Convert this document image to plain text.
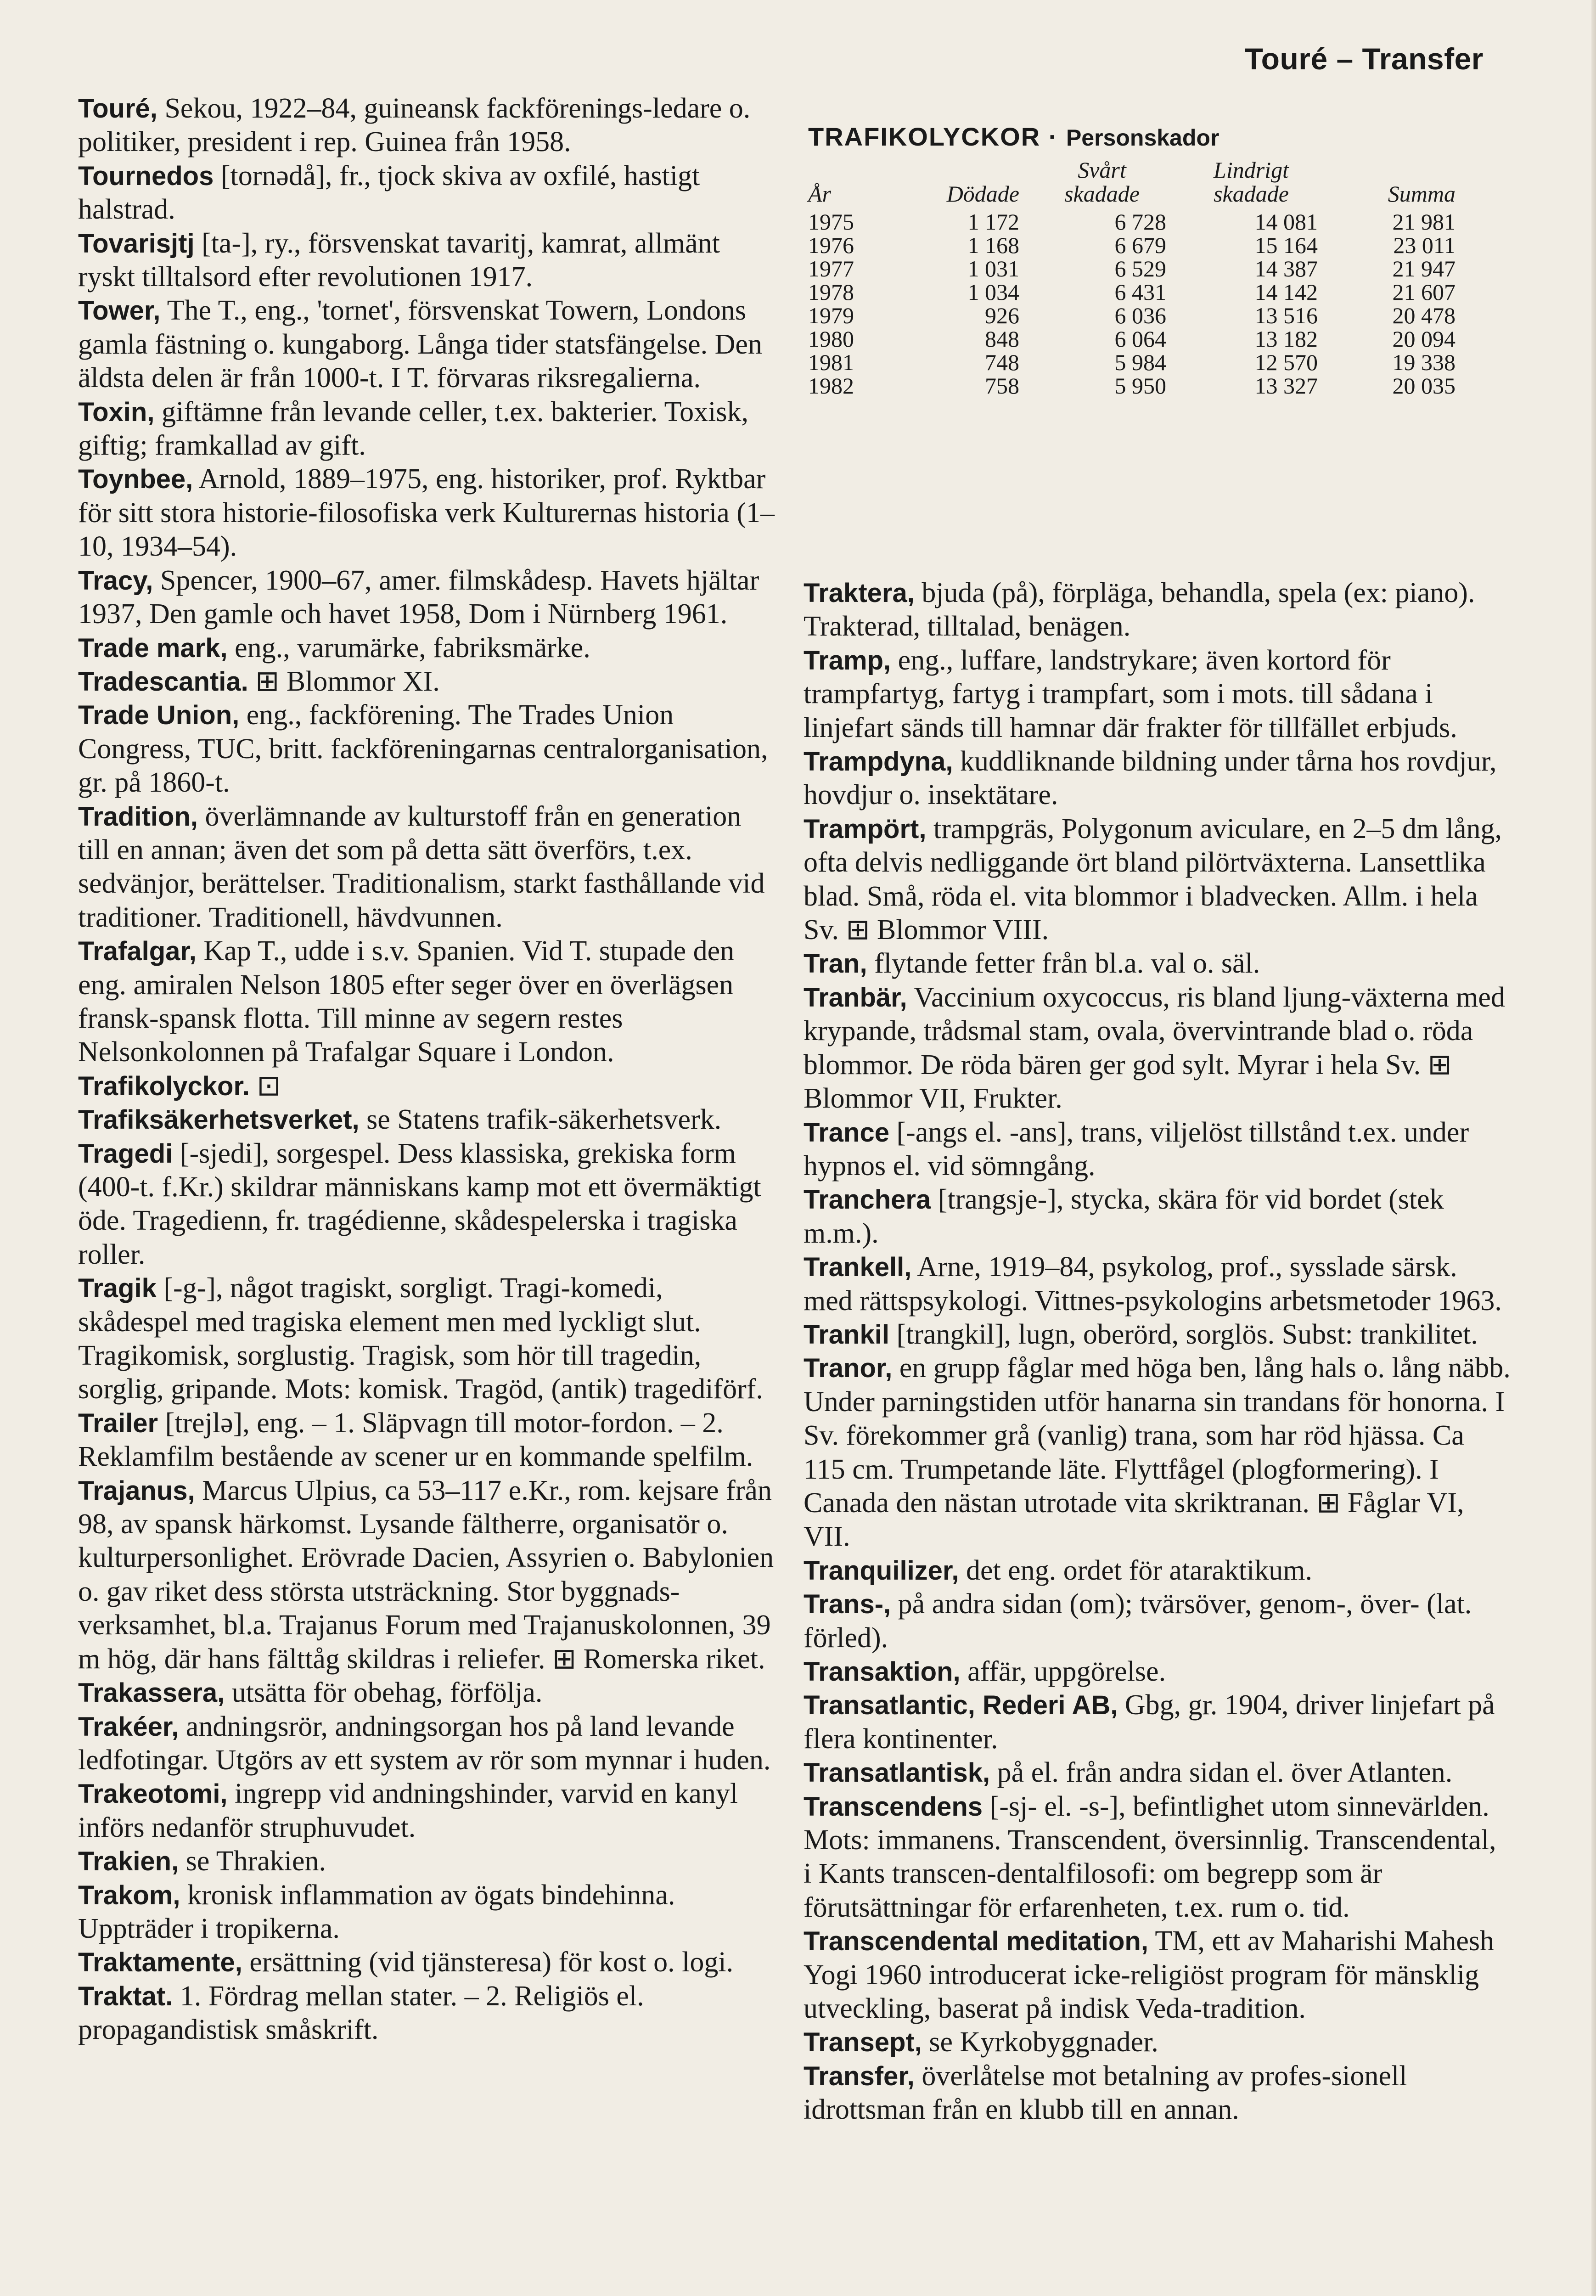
Touré – Transfer

Touré, Sekou, 1922–84, guineansk fackförenings-ledare o. politiker, president i rep. Guinea från 1958.

Tournedos [tornədå], fr., tjock skiva av oxfilé, hastigt halstrad.

Tovarisjtj [ta-], ry., försvenskat tavaritj, kamrat, allmänt ryskt tilltalsord efter revolutionen 1917.

Tower, The T., eng., 'tornet', försvenskat Towern, Londons gamla fästning o. kungaborg. Långa tider statsfängelse. Den äldsta delen är från 1000-t. I T. förvaras riksregalierna.

Toxin, giftämne från levande celler, t.ex. bakterier. Toxisk, giftig; framkallad av gift.

Toynbee, Arnold, 1889–1975, eng. historiker, prof. Ryktbar för sitt stora historie-filosofiska verk Kulturernas historia (1–10, 1934–54).

Tracy, Spencer, 1900–67, amer. filmskådesp. Havets hjältar 1937, Den gamle och havet 1958, Dom i Nürnberg 1961.

Trade mark, eng., varumärke, fabriksmärke.

Tradescantia. ⊞ Blommor XI.

Trade Union, eng., fackförening. The Trades Union Congress, TUC, britt. fackföreningarnas centralorganisation, gr. på 1860-t.

Tradition, överlämnande av kulturstoff från en generation till en annan; även det som på detta sätt överförs, t.ex. sedvänjor, berättelser. Traditionalism, starkt fasthållande vid traditioner. Traditionell, hävdvunnen.

Trafalgar, Kap T., udde i s.v. Spanien. Vid T. stupade den eng. amiralen Nelson 1805 efter seger över en överlägsen fransk-spansk flotta. Till minne av segern restes Nelsonkolonnen på Trafalgar Square i London.

Trafikolyckor. ⊡

Trafiksäkerhetsverket, se Statens trafik-säkerhetsverk.

Tragedi [-sjedi], sorgespel. Dess klassiska, grekiska form (400-t. f.Kr.) skildrar människans kamp mot ett övermäktigt öde. Tragedienn, fr. tragédienne, skådespelerska i tragiska roller.

Tragik [-g-], något tragiskt, sorgligt. Tragi-komedi, skådespel med tragiska element men med lyckligt slut. Tragikomisk, sorglustig. Tragisk, som hör till tragedin, sorglig, gripande. Mots: komisk. Tragöd, (antik) tragediförf.

Trailer [trejlə], eng. – 1. Släpvagn till motor-fordon. – 2. Reklamfilm bestående av scener ur en kommande spelfilm.

Trajanus, Marcus Ulpius, ca 53–117 e.Kr., rom. kejsare från 98, av spansk härkomst. Lysande fältherre, organisatör o. kulturpersonlighet. Erövrade Dacien, Assyrien o. Babylonien o. gav riket dess största utsträckning. Stor byggnads-verksamhet, bl.a. Trajanus Forum med Trajanuskolonnen, 39 m hög, där hans fälttåg skildras i reliefer. ⊞ Romerska riket.

Trakassera, utsätta för obehag, förfölja.

Trakéer, andningsrör, andningsorgan hos på land levande ledfotingar. Utgörs av ett system av rör som mynnar i huden.

Trakeotomi, ingrepp vid andningshinder, varvid en kanyl införs nedanför struphuvudet.

Trakien, se Thrakien.

Trakom, kronisk inflammation av ögats bindehinna. Uppträder i tropikerna.

Traktamente, ersättning (vid tjänsteresa) för kost o. logi.

Traktat. 1. Fördrag mellan stater. – 2. Religiös el. propagandistisk småskrift.

TRAFIKOLYCKOR · Personskador
		Svårt	Lindrigt	
År	Dödade	skadade	skadade	Summa

1975	1 172	6 728	14 081	21 981
1976	1 168	6 679	15 164	23 011
1977	1 031	6 529	14 387	21 947
1978	1 034	6 431	14 142	21 607
1979	926	6 036	13 516	20 478
1980	848	6 064	13 182	20 094
1981	748	5 984	12 570	19 338
1982	758	5 950	13 327	20 035

Traktera, bjuda (på), förpläga, behandla, spela (ex: piano). Trakterad, tilltalad, benägen.

Tramp, eng., luffare, landstrykare; även kortord för trampfartyg, fartyg i trampfart, som i mots. till sådana i linjefart sänds till hamnar där frakter för tillfället erbjuds.

Trampdyna, kuddliknande bildning under tårna hos rovdjur, hovdjur o. insektätare.

Trampört, trampgräs, Polygonum aviculare, en 2–5 dm lång, ofta delvis nedliggande ört bland pilörtväxterna. Lansettlika blad. Små, röda el. vita blommor i bladvecken. Allm. i hela Sv. ⊞ Blommor VIII.

Tran, flytande fetter från bl.a. val o. säl.

Tranbär, Vaccinium oxycoccus, ris bland ljung-växterna med krypande, trådsmal stam, ovala, övervintrande blad o. röda blommor. De röda bären ger god sylt. Myrar i hela Sv. ⊞ Blommor VII, Frukter.

Trance [-angs el. -ans], trans, viljelöst tillstånd t.ex. under hypnos el. vid sömngång.

Tranchera [trangsje-], stycka, skära för vid bordet (stek m.m.).

Trankell, Arne, 1919–84, psykolog, prof., sysslade särsk. med rättspsykologi. Vittnes-psykologins arbetsmetoder 1963.

Trankil [trangkil], lugn, oberörd, sorglös. Subst: trankilitet.

Tranor, en grupp fåglar med höga ben, lång hals o. lång näbb. Under parningstiden utför hanarna sin trandans för honorna. I Sv. förekommer grå (vanlig) trana, som har röd hjässa. Ca 115 cm. Trumpetande läte. Flyttfågel (plogformering). I Canada den nästan utrotade vita skriktranan. ⊞ Fåglar VI, VII.

Tranquilizer, det eng. ordet för ataraktikum.

Trans-, på andra sidan (om); tvärsöver, genom-, över- (lat. förled).

Transaktion, affär, uppgörelse.

Transatlantic, Rederi AB, Gbg, gr. 1904, driver linjefart på flera kontinenter.

Transatlantisk, på el. från andra sidan el. över Atlanten.

Transcendens [-sj- el. -s-], befintlighet utom sinnevärlden. Mots: immanens. Transcendent, översinnlig. Transcendental, i Kants transcen-dentalfilosofi: om begrepp som är förutsättningar för erfarenheten, t.ex. rum o. tid.

Transcendental meditation, TM, ett av Maharishi Mahesh Yogi 1960 introducerat icke-religiöst program för mänsklig utveckling, baserat på indisk Veda-tradition.

Transept, se Kyrkobyggnader.

Transfer, överlåtelse mot betalning av profes-sionell idrottsman från en klubb till en annan.
